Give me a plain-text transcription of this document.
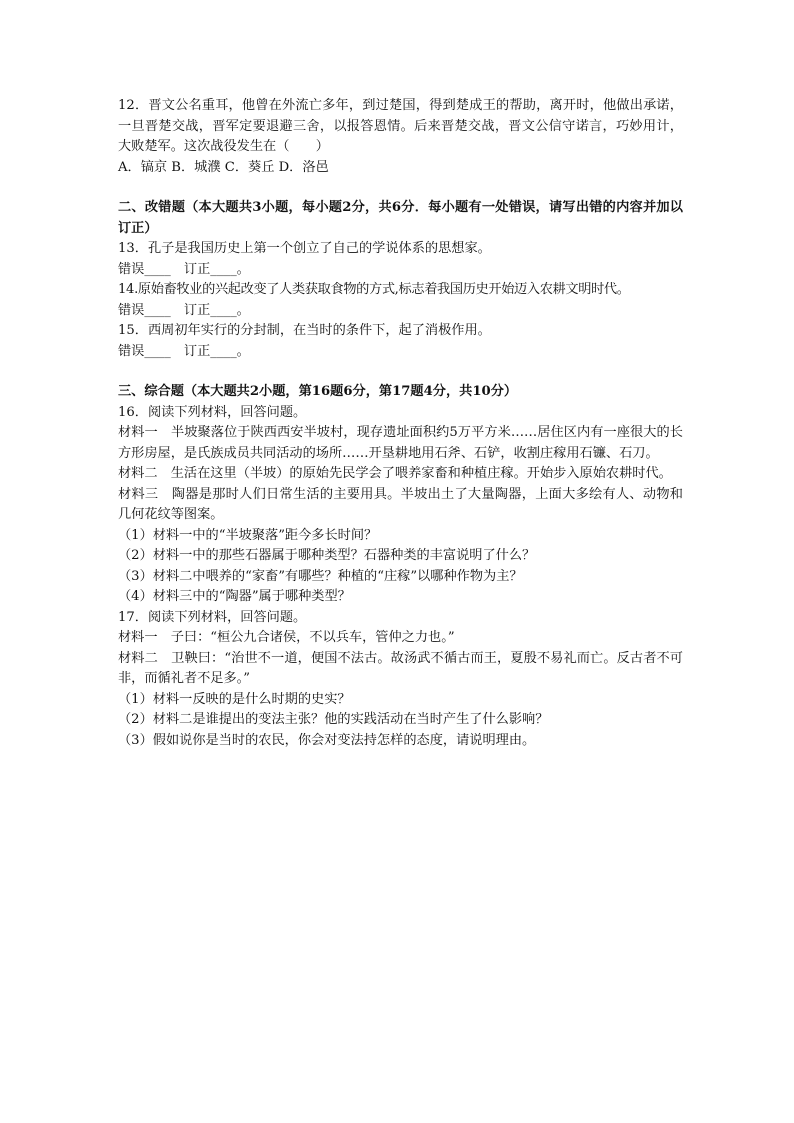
12．晋文公名重耳，他曾在外流亡多年，到过楚国，得到楚成王的帮助，离开时，他做出承诺，一旦晋楚交战，晋军定要退避三舍，以报答恩情。后来晋楚交战，晋文公信守诺言，巧妙用计，大败楚军。这次战役发生在（　　）
A．镐京 B．城濮 C．葵丘 D．洛邑
二、改错题（本大题共3小题，每小题2分，共6分．每小题有一处错误，请写出错的内容并加以订正）
13．孔子是我国历史上第一个创立了自己的学说体系的思想家。
错误____　订正____。
14.原始畜牧业的兴起改变了人类获取食物的方式,标志着我国历史开始迈入农耕文明时代。
错误____　订正____。
15．西周初年实行的分封制，在当时的条件下，起了消极作用。
错误____　订正____。
三、综合题（本大题共2小题，第16题6分，第17题4分，共10分）
16．阅读下列材料，回答问题。
材料一　半坡聚落位于陕西西安半坡村，现存遗址面积约5万平方米……居住区内有一座很大的长方形房屋，是氏族成员共同活动的场所……开垦耕地用石斧、石铲，收割庄稼用石镰、石刀。
材料二　生活在这里（半坡）的原始先民学会了喂养家畜和种植庄稼。开始步入原始农耕时代。
材料三　陶器是那时人们日常生活的主要用具。半坡出土了大量陶器，上面大多绘有人、动物和几何花纹等图案。
（1）材料一中的“半坡聚落”距今多长时间？
（2）材料一中的那些石器属于哪种类型？石器种类的丰富说明了什么？
（3）材料二中喂养的“家畜”有哪些？种植的“庄稼”以哪种作物为主？
（4）材料三中的“陶器”属于哪种类型？
17．阅读下列材料，回答问题。
材料一　子曰：“桓公九合诸侯，不以兵车，管仲之力也。”
材料二　卫鞅曰：“治世不一道，便国不法古。故汤武不循古而王，夏殷不易礼而亡。反古者不可非，而循礼者不足多。”
（1）材料一反映的是什么时期的史实？
（2）材料二是谁提出的变法主张？他的实践活动在当时产生了什么影响？
（3）假如说你是当时的农民，你会对变法持怎样的态度，请说明理由。
